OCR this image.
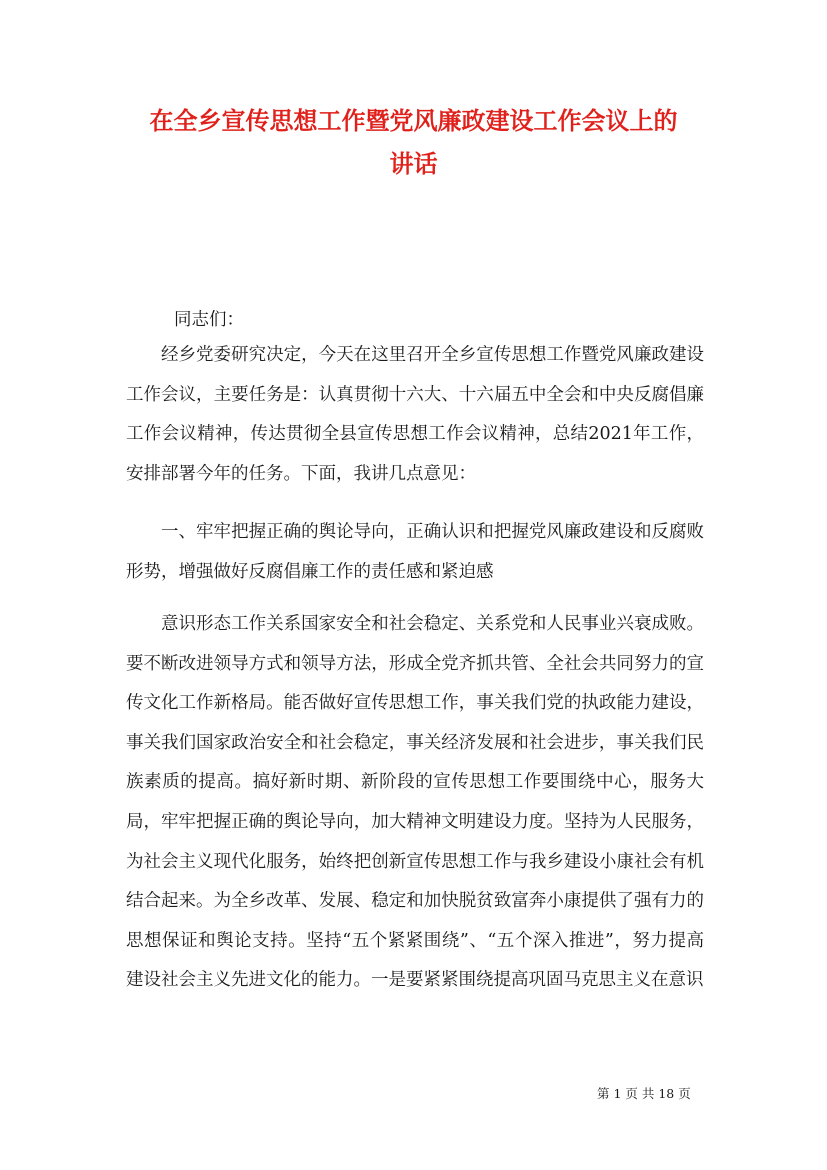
在全乡宣传思想工作暨党风廉政建设工作会议上的
讲话

同志们：

经乡党委研究决定，今天在这里召开全乡宣传思想工作暨党风廉政建设工作会议，主要任务是：认真贯彻十六大、十六届五中全会和中央反腐倡廉工作会议精神，传达贯彻全县宣传思想工作会议精神，总结2021年工作，安排部署今年的任务。下面，我讲几点意见：

一、牢牢把握正确的舆论导向，正确认识和把握党风廉政建设和反腐败形势，增强做好反腐倡廉工作的责任感和紧迫感

意识形态工作关系国家安全和社会稳定、关系党和人民事业兴衰成败。要不断改进领导方式和领导方法，形成全党齐抓共管、全社会共同努力的宣传文化工作新格局。能否做好宣传思想工作，事关我们党的执政能力建设，事关我们国家政治安全和社会稳定，事关经济发展和社会进步，事关我们民族素质的提高。搞好新时期、新阶段的宣传思想工作要围绕中心，服务大局，牢牢把握正确的舆论导向，加大精神文明建设力度。坚持为人民服务，为社会主义现代化服务，始终把创新宣传思想工作与我乡建设小康社会有机结合起来。为全乡改革、发展、稳定和加快脱贫致富奔小康提供了强有力的思想保证和舆论支持。坚持“五个紧紧围绕”、“五个深入推进”，努力提高建设社会主义先进文化的能力。一是要紧紧围绕提高巩固马克思主义在意识

第 1 页 共 18 页
